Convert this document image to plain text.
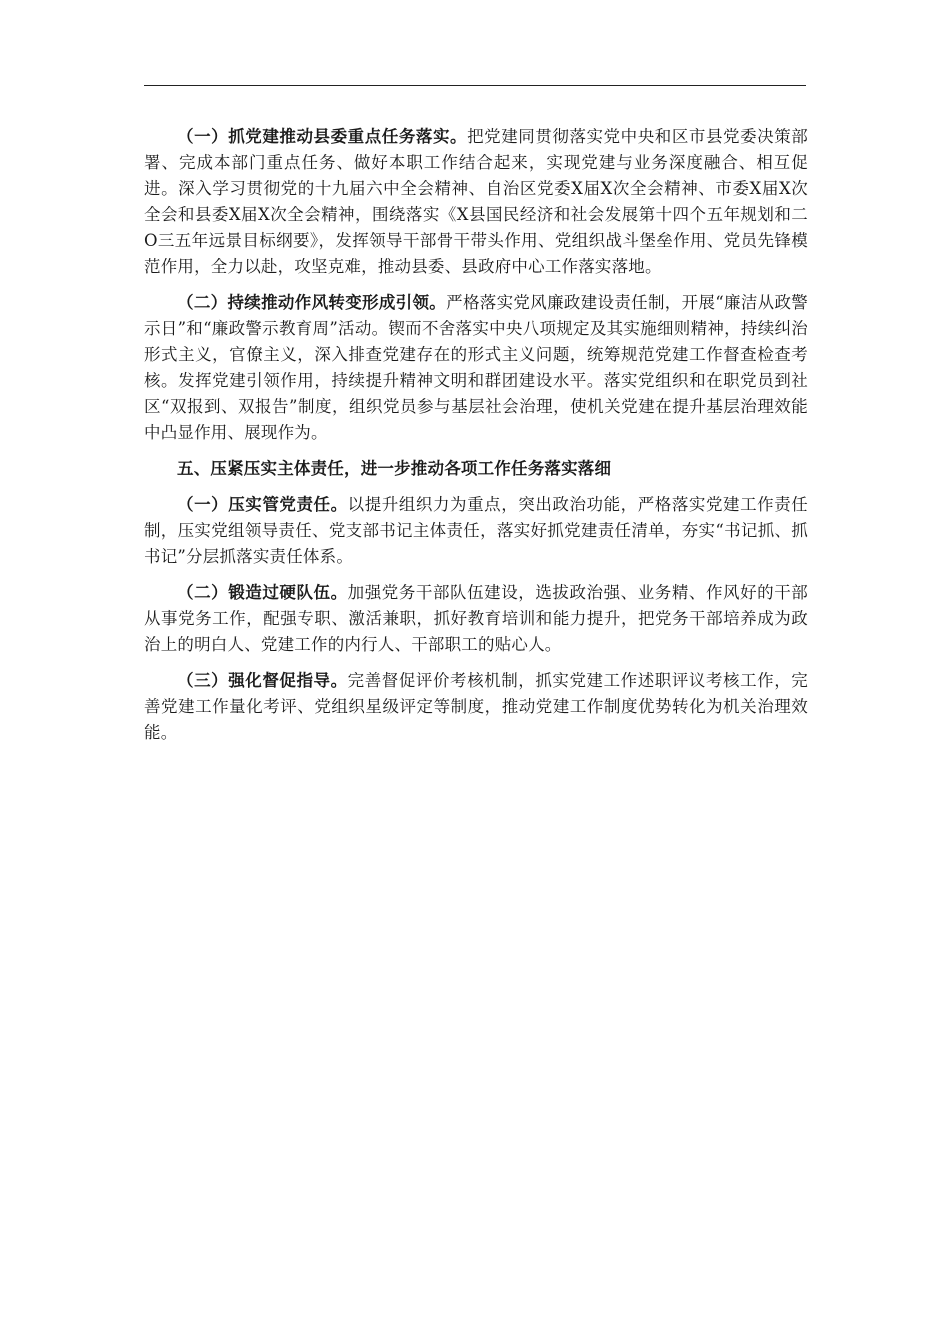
（一）抓党建推动县委重点任务落实。把党建同贯彻落实党中央和区市县党委决策部署、完成本部门重点任务、做好本职工作结合起来，实现党建与业务深度融合、相互促进。深入学习贯彻党的十九届六中全会精神、自治区党委X届X次全会精神、市委X届X次全会和县委X届X次全会精神，围绕落实《X县国民经济和社会发展第十四个五年规划和二O三五年远景目标纲要》，发挥领导干部骨干带头作用、党组织战斗堡垒作用、党员先锋模范作用，全力以赴，攻坚克难，推动县委、县政府中心工作落实落地。

（二）持续推动作风转变形成引领。严格落实党风廉政建设责任制，开展“廉洁从政警示日”和“廉政警示教育周”活动。锲而不舍落实中央八项规定及其实施细则精神，持续纠治形式主义，官僚主义，深入排查党建存在的形式主义问题，统筹规范党建工作督查检查考核。发挥党建引领作用，持续提升精神文明和群团建设水平。落实党组织和在职党员到社区“双报到、双报告”制度，组织党员参与基层社会治理，使机关党建在提升基层治理效能中凸显作用、展现作为。

五、压紧压实主体责任，进一步推动各项工作任务落实落细

（一）压实管党责任。以提升组织力为重点，突出政治功能，严格落实党建工作责任制，压实党组领导责任、党支部书记主体责任，落实好抓党建责任清单，夯实“书记抓、抓书记”分层抓落实责任体系。

（二）锻造过硬队伍。加强党务干部队伍建设，选拔政治强、业务精、作风好的干部从事党务工作，配强专职、激活兼职，抓好教育培训和能力提升，把党务干部培养成为政治上的明白人、党建工作的内行人、干部职工的贴心人。

（三）强化督促指导。完善督促评价考核机制，抓实党建工作述职评议考核工作，完善党建工作量化考评、党组织星级评定等制度，推动党建工作制度优势转化为机关治理效能。
